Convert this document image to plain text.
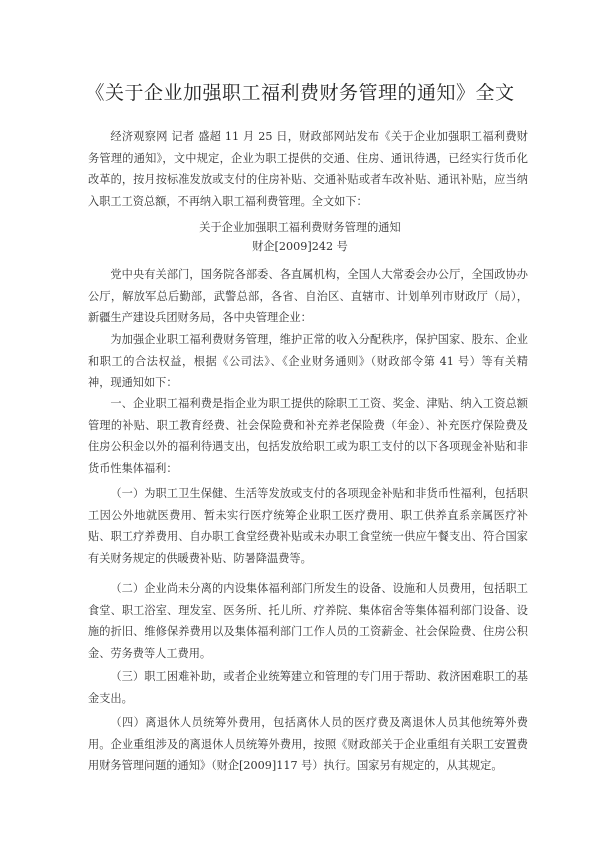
《关于企业加强职工福利费财务管理的通知》全文

经济观察网 记者 盛超 11 月 25 日，财政部网站发布《关于企业加强职工福利费财务管理的通知》，文中规定，企业为职工提供的交通、住房、通讯待遇，已经实行货币化改革的，按月按标准发放或支付的住房补贴、交通补贴或者车改补贴、通讯补贴，应当纳入职工工资总额，不再纳入职工福利费管理。全文如下：

关于企业加强职工福利费财务管理的通知

财企[2009]242 号

党中央有关部门，国务院各部委、各直属机构，全国人大常委会办公厅，全国政协办公厅，解放军总后勤部，武警总部，各省、自治区、直辖市、计划单列市财政厅（局），新疆生产建设兵团财务局，各中央管理企业：

为加强企业职工福利费财务管理，维护正常的收入分配秩序，保护国家、股东、企业和职工的合法权益，根据《公司法》、《企业财务通则》（财政部令第 41 号）等有关精神，现通知如下：

一、企业职工福利费是指企业为职工提供的除职工工资、奖金、津贴、纳入工资总额管理的补贴、职工教育经费、社会保险费和补充养老保险费（年金）、补充医疗保险费及住房公积金以外的福利待遇支出，包括发放给职工或为职工支付的以下各项现金补贴和非货币性集体福利：

（一）为职工卫生保健、生活等发放或支付的各项现金补贴和非货币性福利，包括职工因公外地就医费用、暂未实行医疗统筹企业职工医疗费用、职工供养直系亲属医疗补贴、职工疗养费用、自办职工食堂经费补贴或未办职工食堂统一供应午餐支出、符合国家有关财务规定的供暖费补贴、防暑降温费等。

（二）企业尚未分离的内设集体福利部门所发生的设备、设施和人员费用，包括职工食堂、职工浴室、理发室、医务所、托儿所、疗养院、集体宿舍等集体福利部门设备、设施的折旧、维修保养费用以及集体福利部门工作人员的工资薪金、社会保险费、住房公积金、劳务费等人工费用。

（三）职工困难补助，或者企业统筹建立和管理的专门用于帮助、救济困难职工的基金支出。

（四）离退休人员统筹外费用，包括离休人员的医疗费及离退休人员其他统筹外费用。企业重组涉及的离退休人员统筹外费用，按照《财政部关于企业重组有关职工安置费用财务管理问题的通知》（财企[2009]117 号）执行。国家另有规定的，从其规定。
